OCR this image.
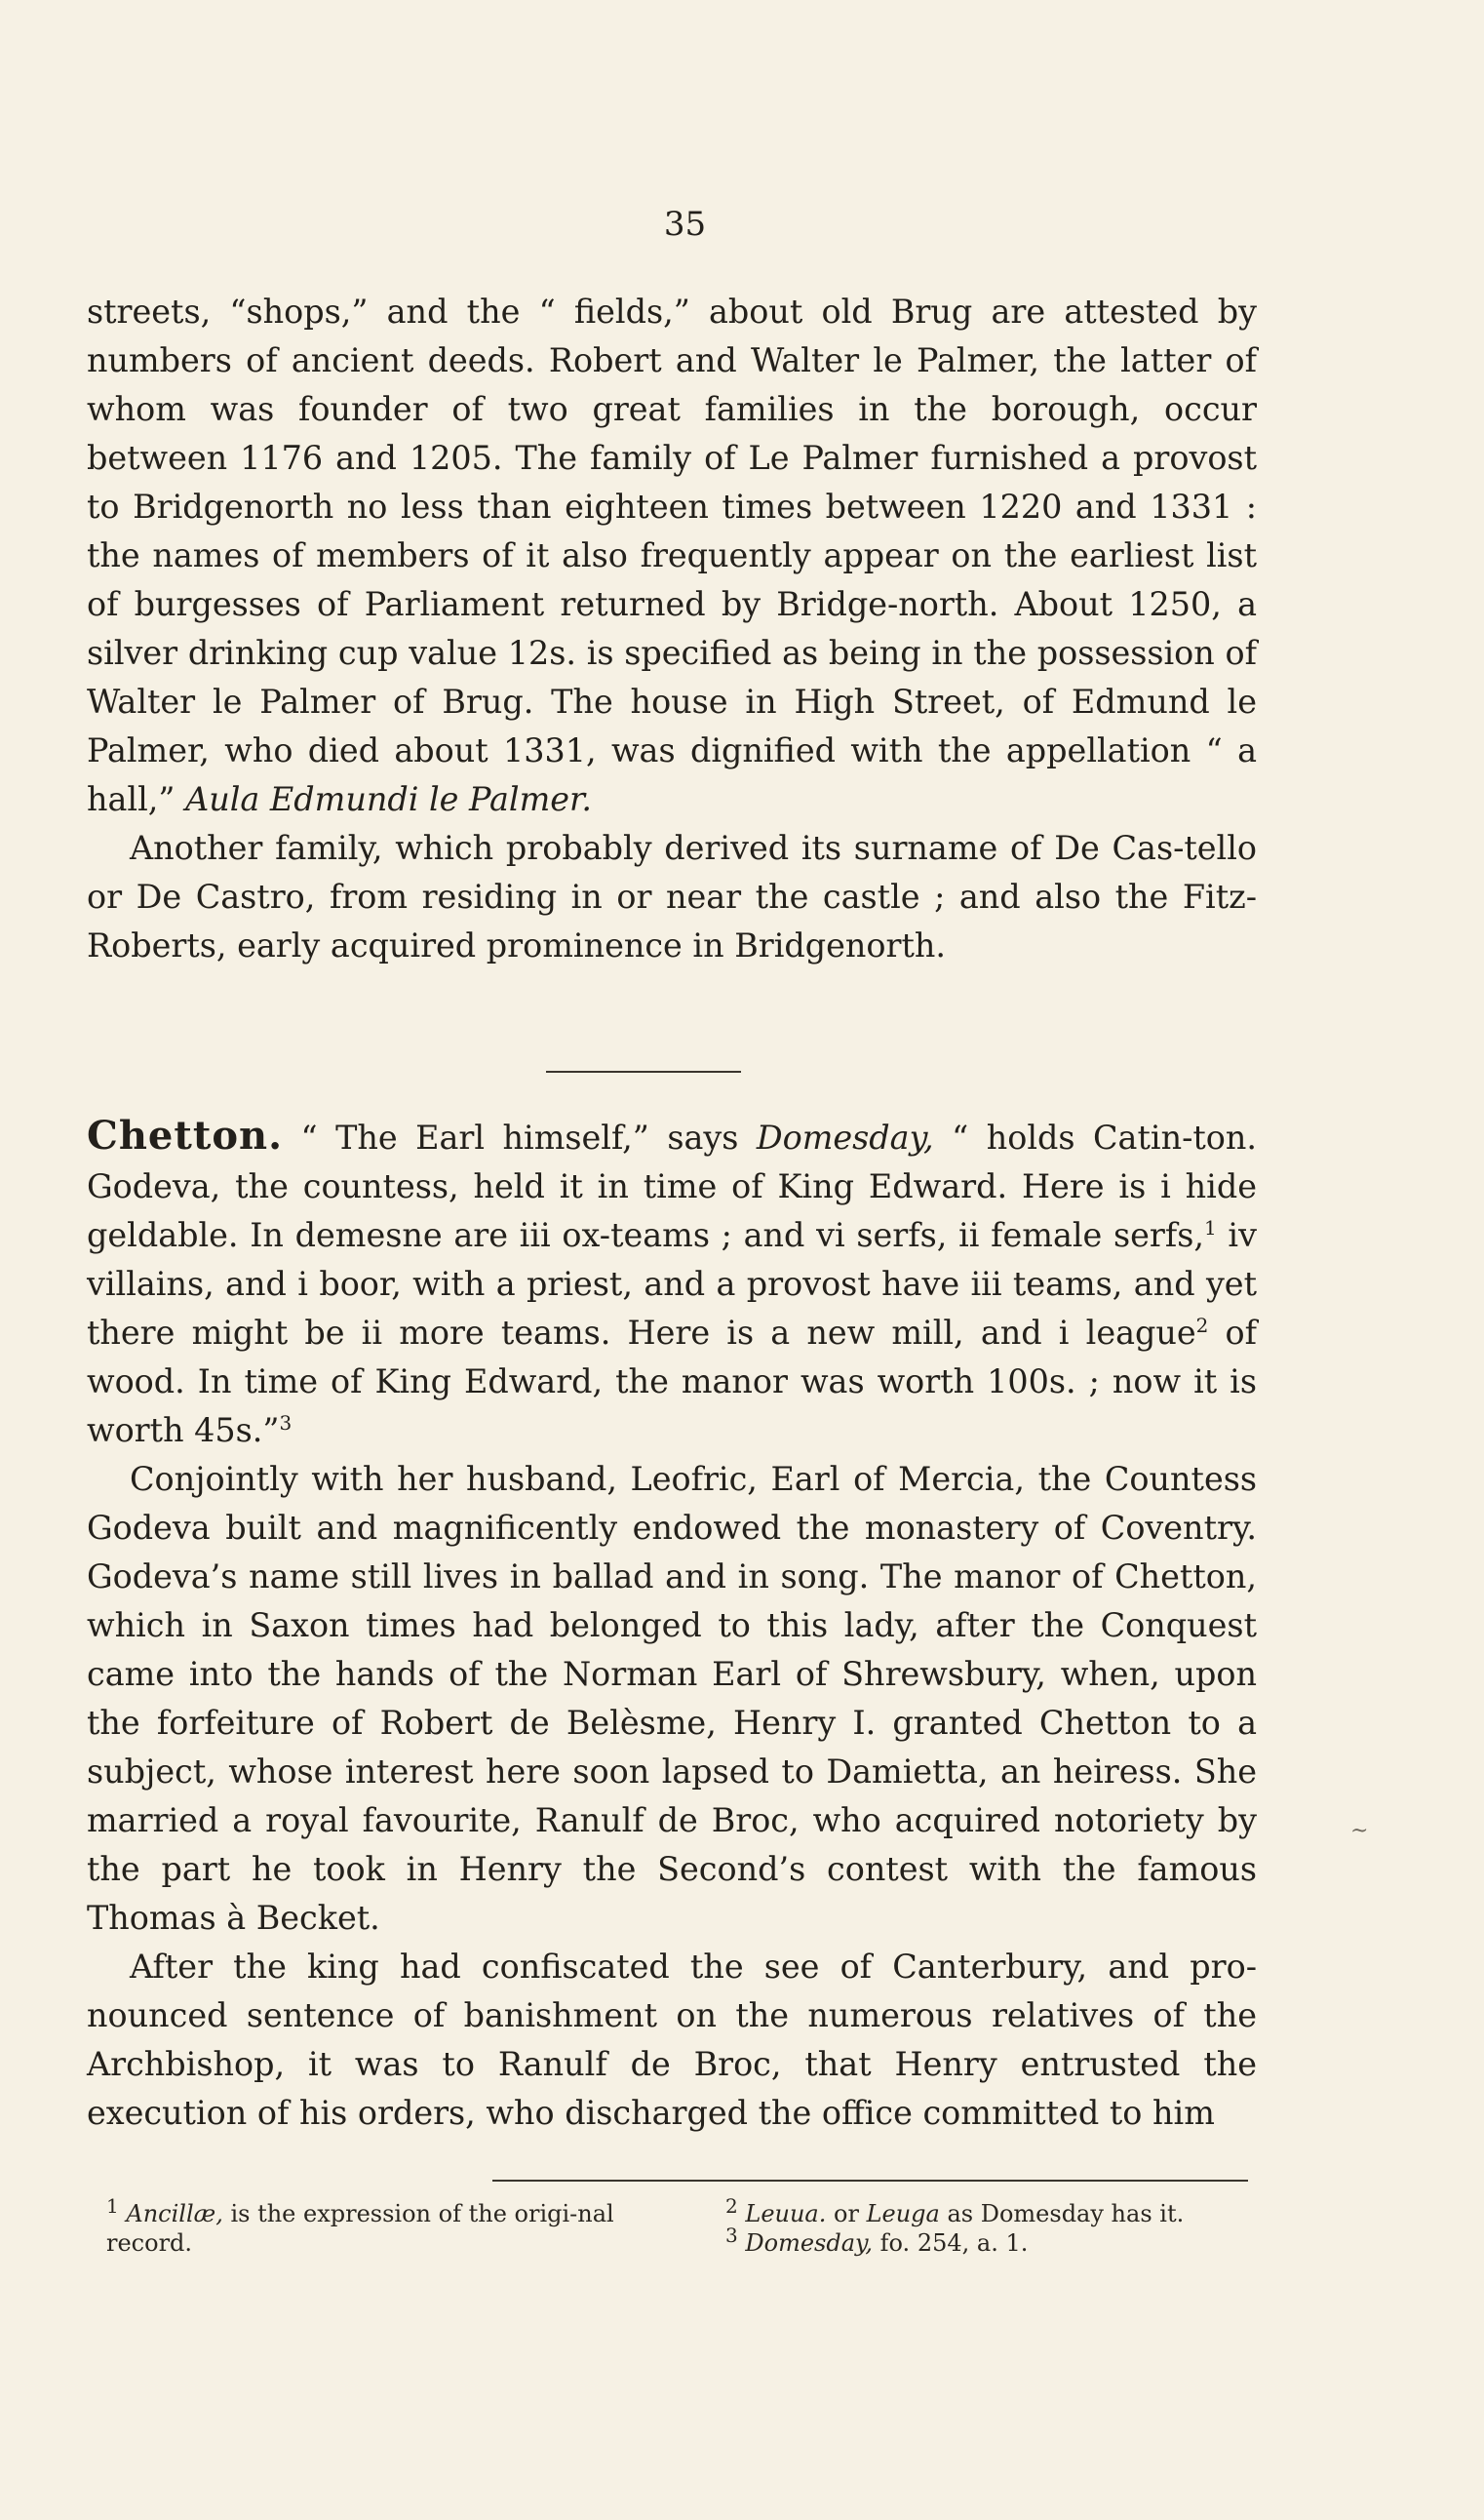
35

streets, “shops,” and the “ fields,” about old Brug are attested by numbers of ancient deeds. Robert and Walter le Palmer, the latter of whom was founder of two great families in the borough, occur between 1176 and 1205. The family of Le Palmer furnished a provost to Bridgenorth no less than eighteen times between 1220 and 1331 : the names of members of it also frequently appear on the earliest list of burgesses of Parliament returned by Bridge-north. About 1250, a silver drinking cup value 12s. is specified as being in the possession of Walter le Palmer of Brug. The house in High Street, of Edmund le Palmer, who died about 1331, was dignified with the appellation “ a hall,” Aula Edmundi le Palmer.

Another family, which probably derived its surname of De Cas-tello or De Castro, from residing in or near the castle ; and also the Fitz-Roberts, early acquired prominence in Bridgenorth.

Chetton. “ The Earl himself,” says Domesday, “ holds Catin-ton. Godeva, the countess, held it in time of King Edward. Here is i hide geldable. In demesne are iii ox-teams ; and vi serfs, ii female serfs,$^1$ iv villains, and i boor, with a priest, and a provost have iii teams, and yet there might be ii more teams. Here is a new mill, and i league$^2$ of wood. In time of King Edward, the manor was worth 100s. ; now it is worth 45s.”$^3$

Conjointly with her husband, Leofric, Earl of Mercia, the Countess Godeva built and magnificently endowed the monastery of Coventry. Godeva’s name still lives in ballad and in song. The manor of Chetton, which in Saxon times had belonged to this lady, after the Conquest came into the hands of the Norman Earl of Shrewsbury, when, upon the forfeiture of Robert de Belèsme, Henry I. granted Chetton to a subject, whose interest here soon lapsed to Damietta, an heiress. She married a royal favourite, Ranulf de Broc, who acquired notoriety by the part he took in Henry the Second’s contest with the famous Thomas à Becket.

After the king had confiscated the see of Canterbury, and pro-nounced sentence of banishment on the numerous relatives of the Archbishop, it was to Ranulf de Broc, that Henry entrusted the execution of his orders, who discharged the office committed to him

~

$^1$ Ancillæ, is the expression of the origi-nal record.

$^2$ Leuua. or Leuga as Domesday has it.

$^3$ Domesday, fo. 254, a. 1.
